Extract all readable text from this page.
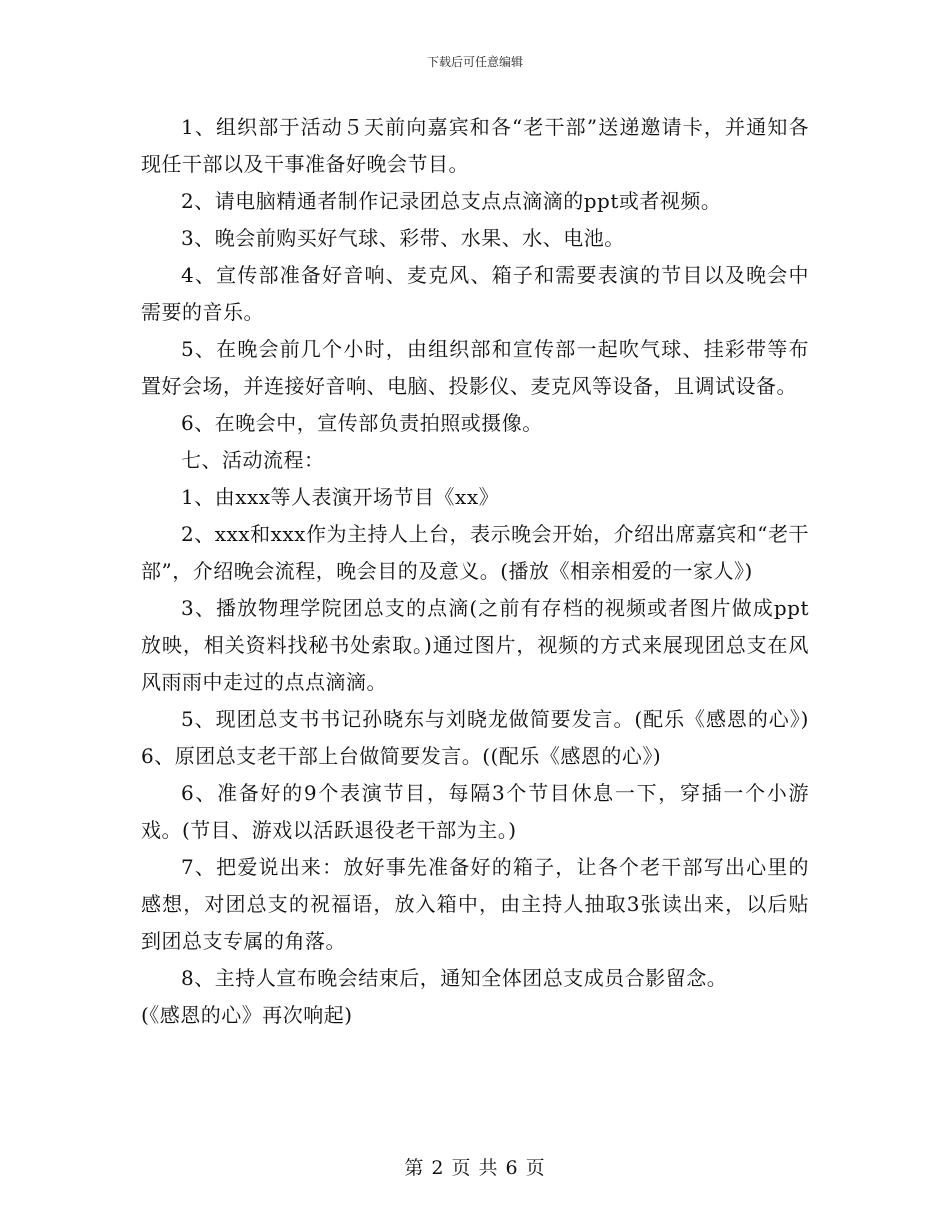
下载后可任意编辑

1、组织部于活动５天前向嘉宾和各“老干部”送递邀请卡，并通知各现任干部以及干事准备好晚会节目。

2、请电脑精通者制作记录团总支点点滴滴的ppt或者视频。

3、晚会前购买好气球、彩带、水果、水、电池。

4、宣传部准备好音响、麦克风、箱子和需要表演的节目以及晚会中需要的音乐。

5、在晚会前几个小时，由组织部和宣传部一起吹气球、挂彩带等布置好会场，并连接好音响、电脑、投影仪、麦克风等设备，且调试设备。

6、在晚会中，宣传部负责拍照或摄像。

七、活动流程：

1、由xxx等人表演开场节目《xx》

2、xxx和xxx作为主持人上台，表示晚会开始，介绍出席嘉宾和“老干部”，介绍晚会流程，晚会目的及意义。(播放《相亲相爱的一家人》)

3、播放物理学院团总支的点滴(之前有存档的视频或者图片做成ppt放映，相关资料找秘书处索取。)通过图片，视频的方式来展现团总支在风风雨雨中走过的点点滴滴。

5、现团总支书书记孙晓东与刘晓龙做简要发言。(配乐《感恩的心》) 6、原团总支老干部上台做简要发言。((配乐《感恩的心》)

6、准备好的9个表演节目，每隔3个节目休息一下，穿插一个小游戏。(节目、游戏以活跃退役老干部为主。)

7、把爱说出来：放好事先准备好的箱子，让各个老干部写出心里的感想，对团总支的祝福语，放入箱中，由主持人抽取3张读出来，以后贴到团总支专属的角落。

8、主持人宣布晚会结束后，通知全体团总支成员合影留念。

(《感恩的心》再次响起)

第 2 页 共 6 页
